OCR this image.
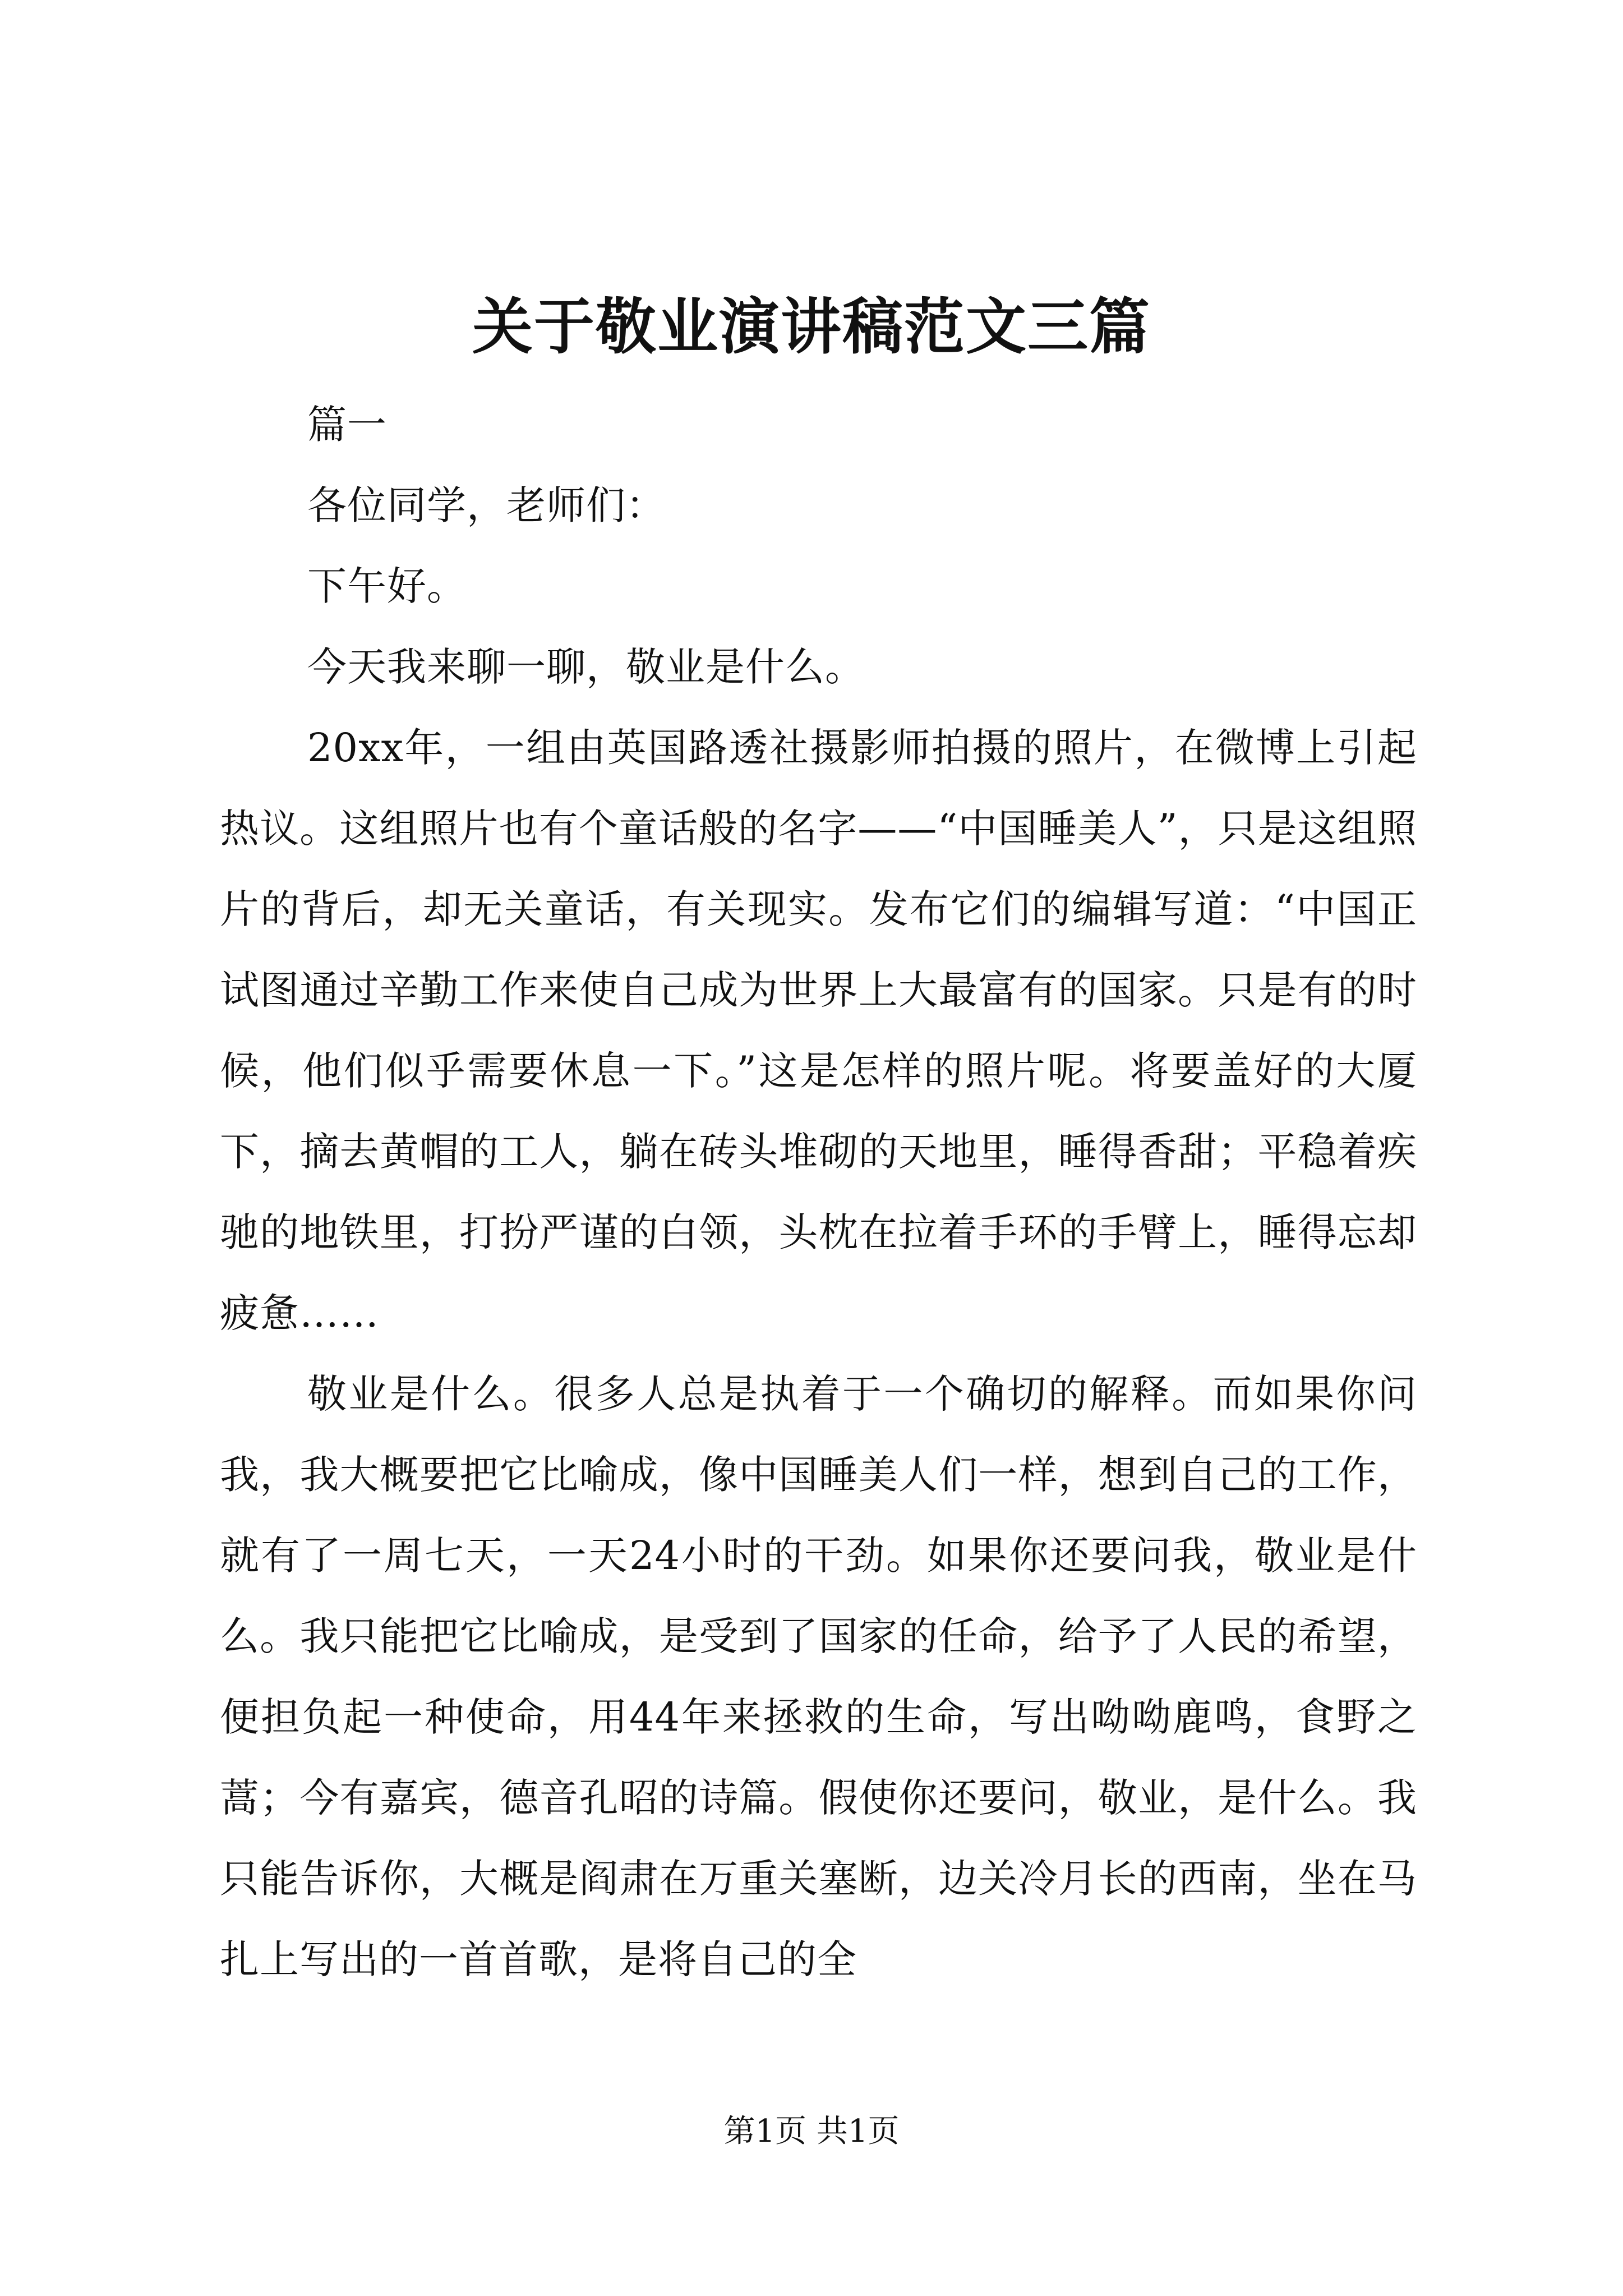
关于敬业演讲稿范文三篇

篇一

各位同学，老师们：

下午好。

今天我来聊一聊，敬业是什么。

20xx年，一组由英国路透社摄影师拍摄的照片，在微博上引起热议。这组照片也有个童话般的名字——“中国睡美人”，只是这组照片的背后，却无关童话，有关现实。发布它们的编辑写道：“中国正试图通过辛勤工作来使自己成为世界上大最富有的国家。只是有的时候，他们似乎需要休息一下。”这是怎样的照片呢。将要盖好的大厦下，摘去黄帽的工人，躺在砖头堆砌的天地里，睡得香甜；平稳着疾驰的地铁里，打扮严谨的白领，头枕在拉着手环的手臂上，睡得忘却疲惫……

敬业是什么。很多人总是执着于一个确切的解释。而如果你问我，我大概要把它比喻成，像中国睡美人们一样，想到自己的工作，就有了一周七天，一天24小时的干劲。如果你还要问我，敬业是什么。我只能把它比喻成，是受到了国家的任命，给予了人民的希望，便担负起一种使命，用44年来拯救的生命，写出呦呦鹿鸣，食野之蒿；今有嘉宾，德音孔昭的诗篇。假使你还要问，敬业，是什么。我只能告诉你，大概是阎肃在万重关塞断，边关冷月长的西南，坐在马扎上写出的一首首歌，是将自己的全

第1页 共1页
